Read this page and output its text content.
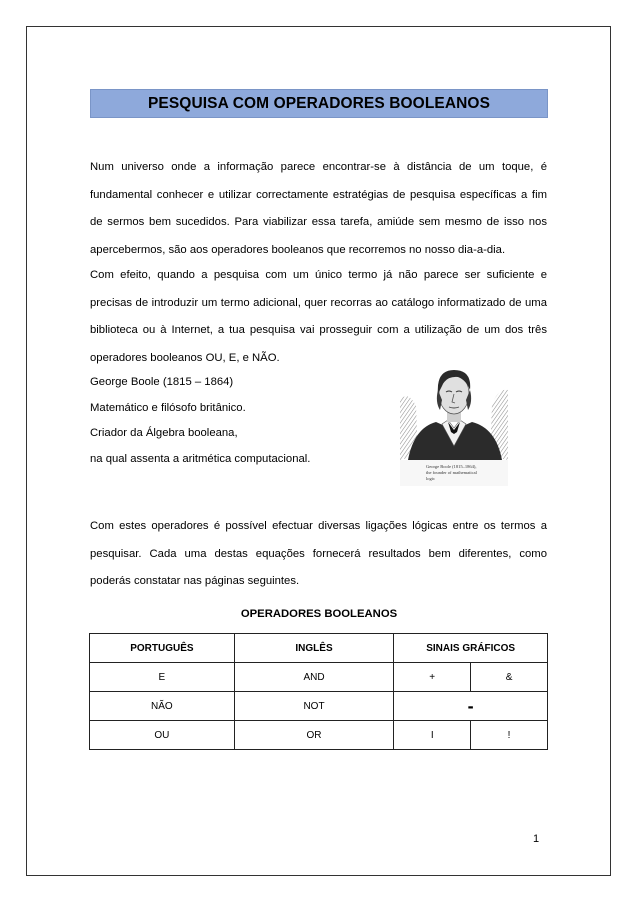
PESQUISA COM OPERADORES BOOLEANOS

Num universo onde a informação parece encontrar-se à distância de um toque, é fundamental conhecer e utilizar correctamente estratégias de pesquisa específicas a fim de sermos bem sucedidos. Para viabilizar essa tarefa, amiúde sem mesmo de isso nos apercebermos, são aos operadores booleanos que recorremos no nosso dia-a-dia.

Com efeito, quando a pesquisa com um único termo já não parece ser suficiente e precisas de introduzir um termo adicional, quer recorras ao catálogo informatizado de uma biblioteca ou à Internet, a tua pesquisa vai prosseguir com a utilização de um dos três operadores booleanos OU, E, e NÃO.

George Boole (1815 – 1864)
Matemático e filósofo britânico.
Criador da Álgebra booleana,
na qual assenta a aritmética computacional.
George Boole (1815–1864),
the founder of mathematical
logic

Com estes operadores é possível efectuar diversas ligações lógicas entre os termos a pesquisar. Cada uma destas equações fornecerá resultados bem diferentes, como poderás constatar nas páginas seguintes.

OPERADORES BOOLEANOS
PORTUGUÊS	INGLÊS	SINAIS GRÁFICOS	
E	AND	+	&
NÃO	NOT	-	
OU	OR	I	!
1
